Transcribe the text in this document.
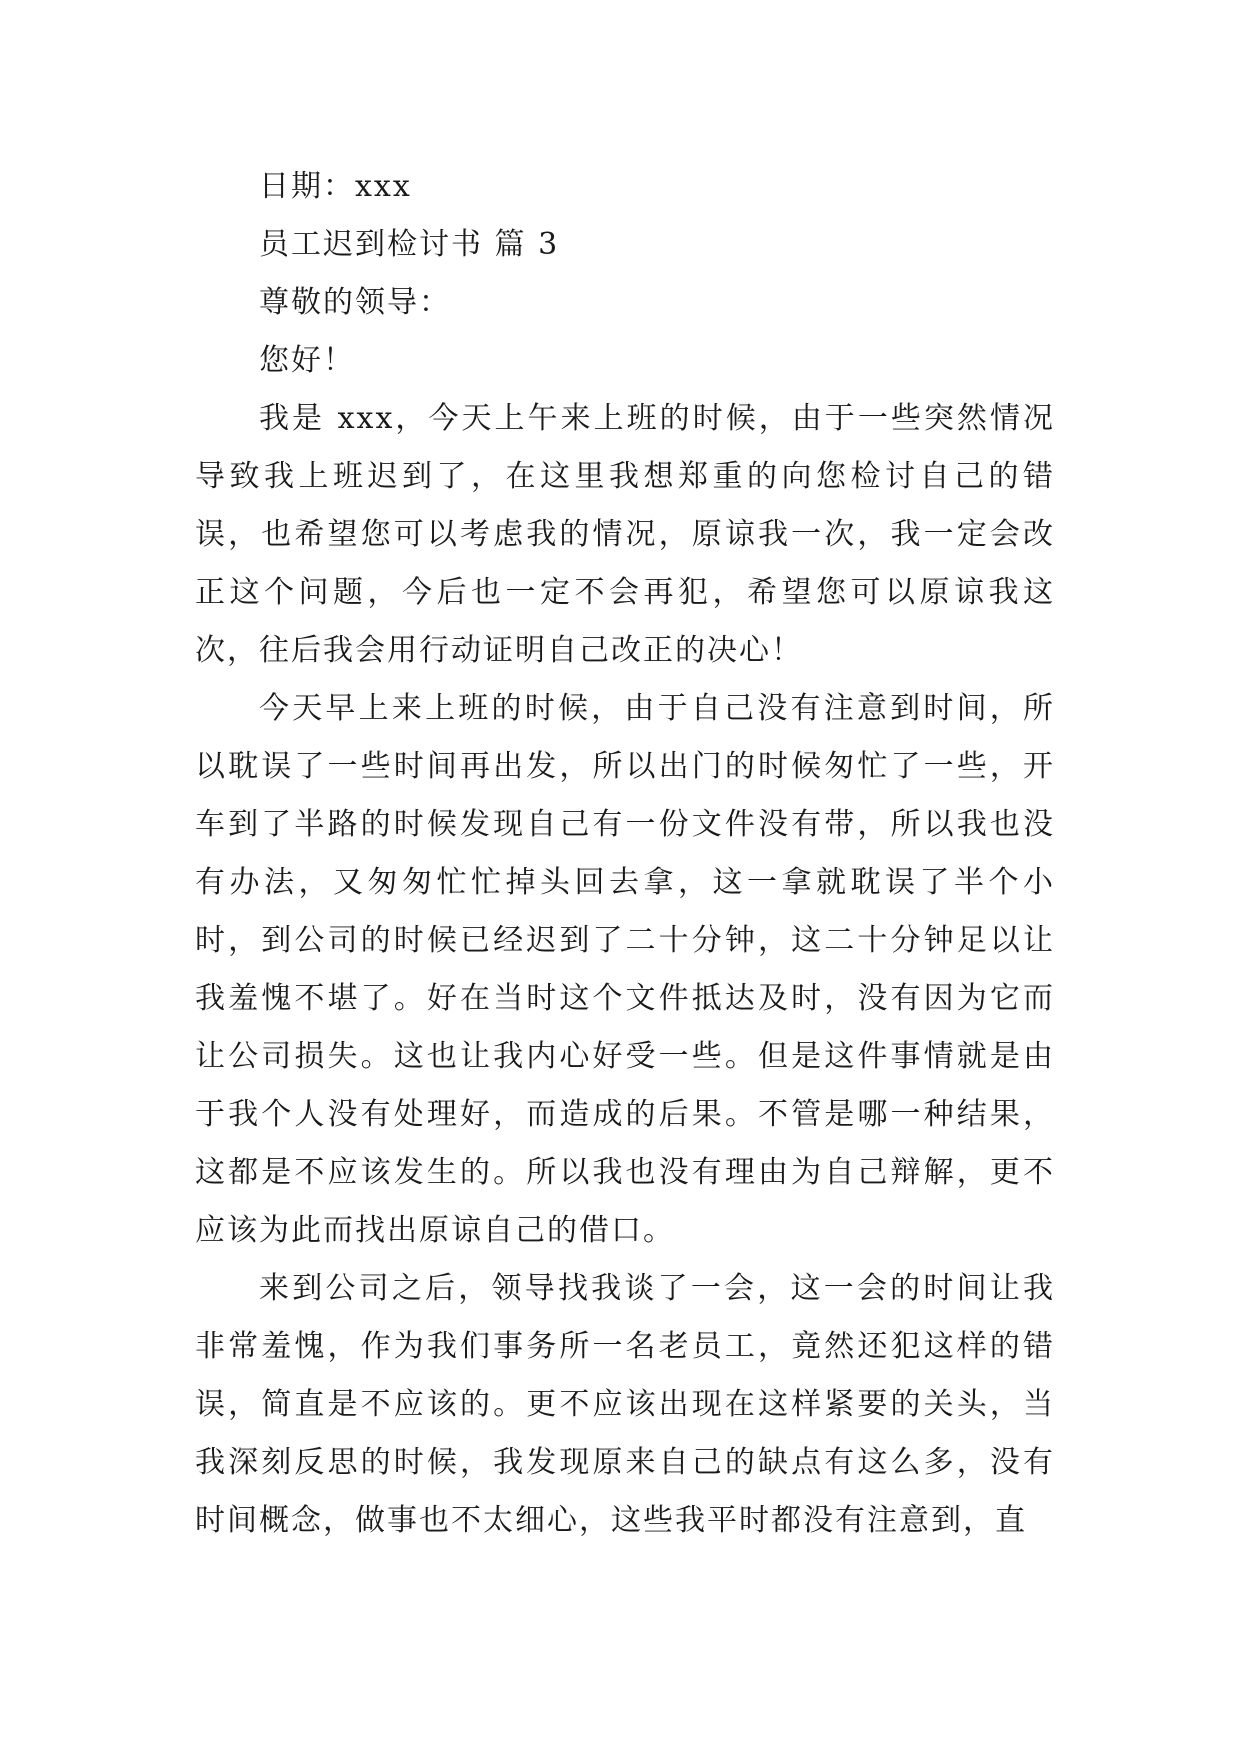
日期：xxx

员工迟到检讨书 篇 3

尊敬的领导：

您好！

我是 xxx，今天上午来上班的时候，由于一些突然情况导致我上班迟到了，在这里我想郑重的向您检讨自己的错误，也希望您可以考虑我的情况，原谅我一次，我一定会改正这个问题，今后也一定不会再犯，希望您可以原谅我这次，往后我会用行动证明自己改正的决心！

今天早上来上班的时候，由于自己没有注意到时间，所以耽误了一些时间再出发，所以出门的时候匆忙了一些，开车到了半路的时候发现自己有一份文件没有带，所以我也没有办法，又匆匆忙忙掉头回去拿，这一拿就耽误了半个小时，到公司的时候已经迟到了二十分钟，这二十分钟足以让我羞愧不堪了。好在当时这个文件抵达及时，没有因为它而让公司损失。这也让我内心好受一些。但是这件事情就是由于我个人没有处理好，而造成的后果。不管是哪一种结果，这都是不应该发生的。所以我也没有理由为自己辩解，更不应该为此而找出原谅自己的借口。

来到公司之后，领导找我谈了一会，这一会的时间让我非常羞愧，作为我们事务所一名老员工，竟然还犯这样的错误，简直是不应该的。更不应该出现在这样紧要的关头，当我深刻反思的时候，我发现原来自己的缺点有这么多，没有时间概念，做事也不太细心，这些我平时都没有注意到，直
